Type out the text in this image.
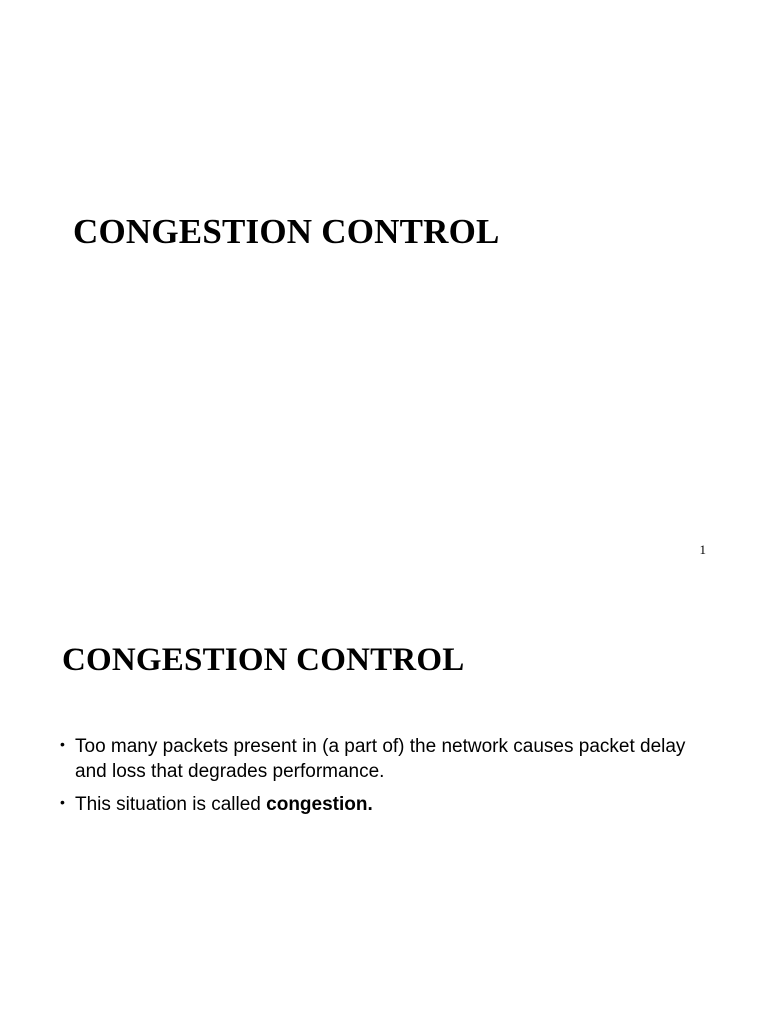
CONGESTION CONTROL
1
CONGESTION CONTROL
• Too many packets present in (a part of) the network causes packet delay and loss that degrades performance.
• This situation is called congestion.
